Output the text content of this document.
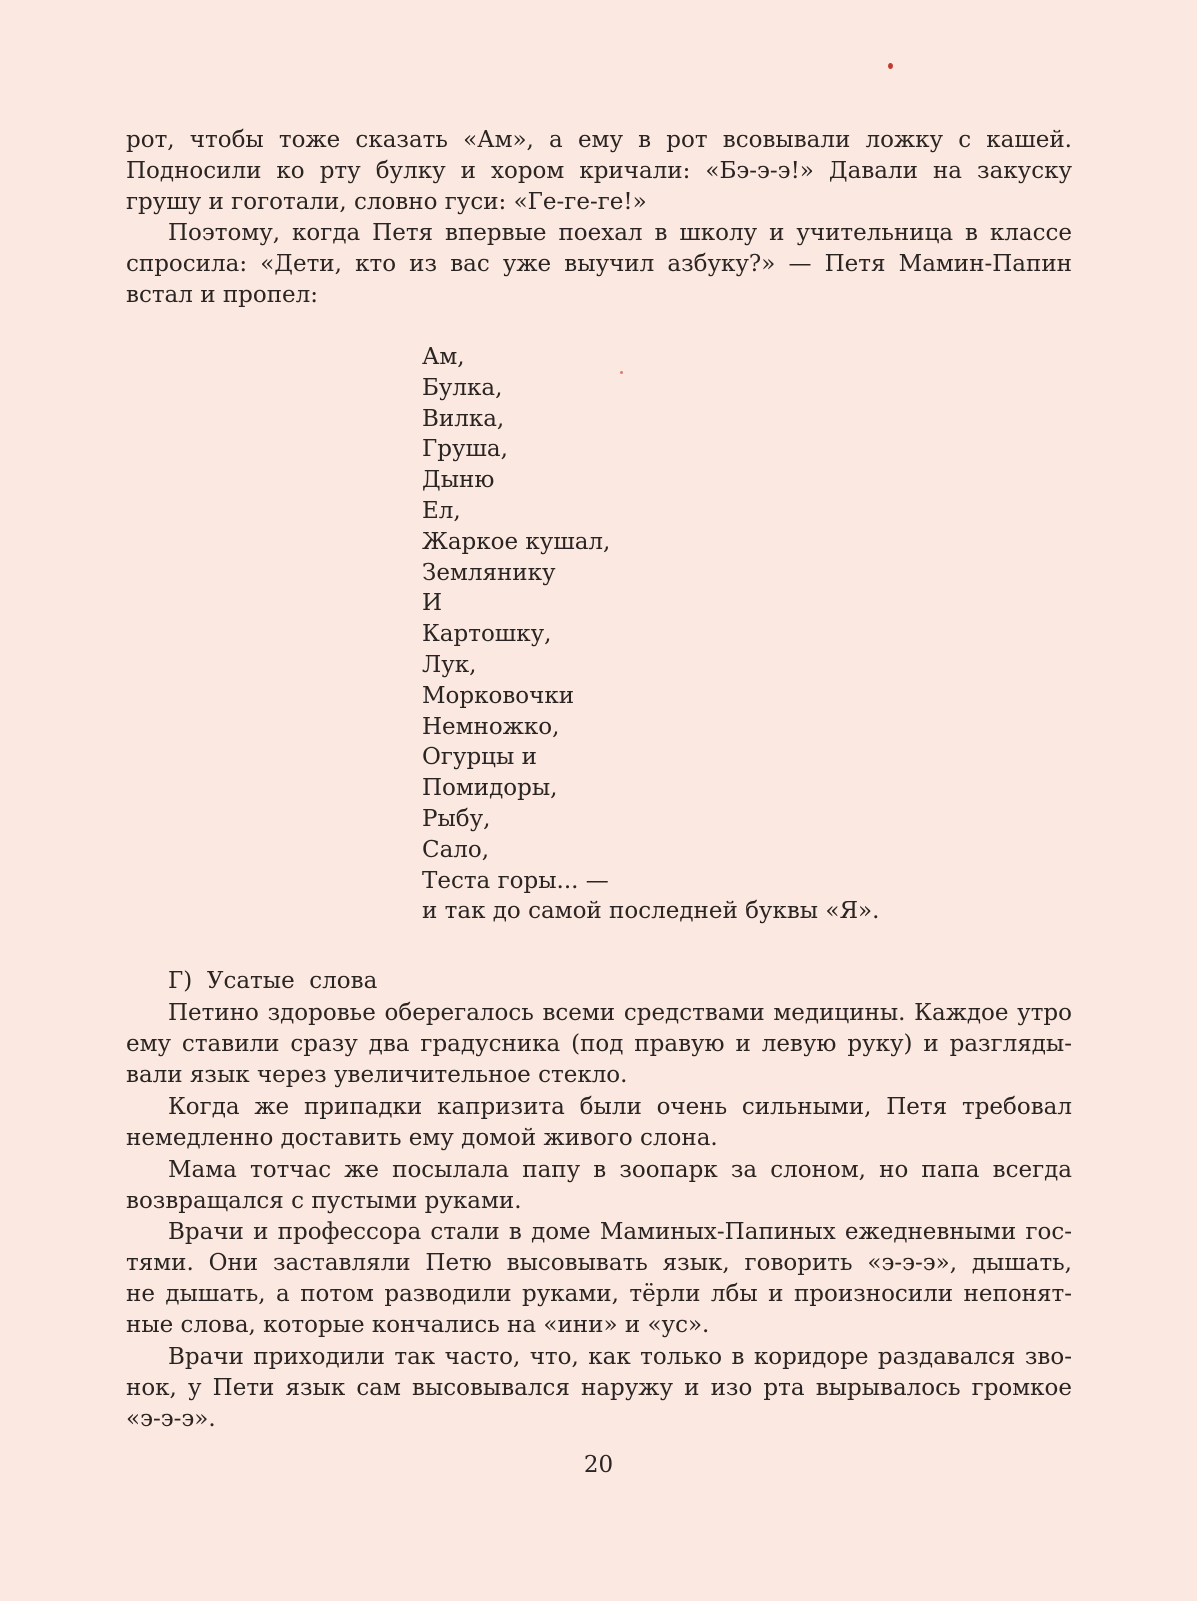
рот, чтобы тоже сказать «Ам», а ему в рот всовывали ложку с кашей.
Подносили ко рту булку и хором кричали: «Бэ-э-э!» Давали на закуску
грушу и гоготали, словно гуси: «Ге-ге-ге!»

Поэтому, когда Петя впервые поехал в школу и учительница в классе
спросила: «Дети, кто из вас уже выучил азбуку?» — Петя Мамин-Папин
встал и пропел:

Ам,
Булка,
Вилка,
Груша,
Дыню
Ел,
Жаркое кушал,
Землянику
И
Картошку,
Лук,
Морковочки
Немножко,
Огурцы и
Помидоры,
Рыбу,
Сало,
Теста горы... —
и так до самой последней буквы «Я».
Г)  Усатые  слова

Петино здоровье оберегалось всеми средствами медицины. Каждое утро
ему ставили сразу два градусника (под правую и левую руку) и разгляды-
вали язык через увеличительное стекло.

Когда же припадки капризита были очень сильными, Петя требовал
немедленно доставить ему домой живого слона.

Мама тотчас же посылала папу в зоопарк за слоном, но папа всегда
возвращался с пустыми руками.

Врачи и профессора стали в доме Маминых-Папиных ежедневными гос-
тями. Они заставляли Петю высовывать язык, говорить «э-э-э», дышать,
не дышать, а потом разводили руками, тёрли лбы и произносили непонят-
ные слова, которые кончались на «ини» и «ус».

Врачи приходили так часто, что, как только в коридоре раздавался зво-
нок, у Пети язык сам высовывался наружу и изо рта вырывалось громкое
«э-э-э».

20
